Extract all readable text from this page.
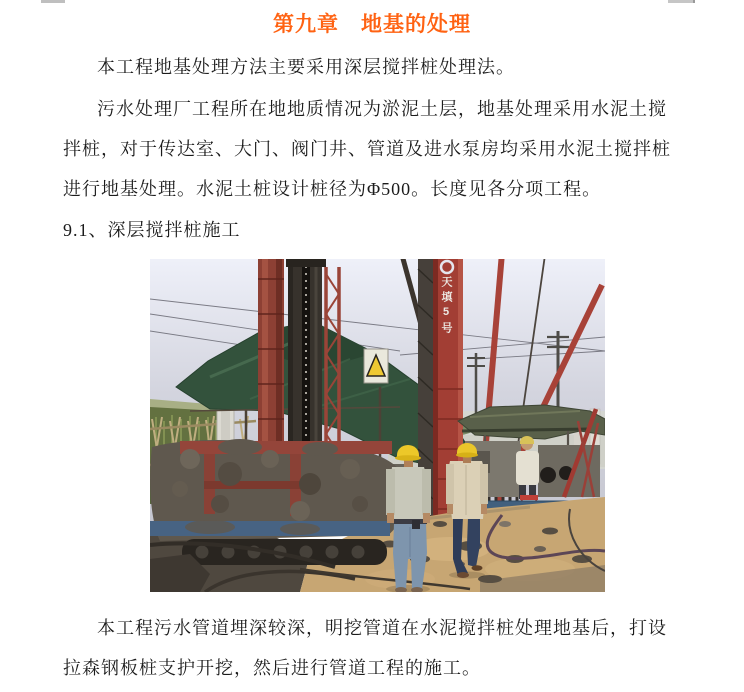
第九章　地基的处理
本工程地基处理方法主要采用深层搅拌桩处理法。
污水处理厂工程所在地地质情况为淤泥土层，地基处理采用水泥土搅
拌桩，对于传达室、大门、阀门井、管道及进水泵房均采用水泥土搅拌桩
进行地基处理。水泥土桩设计桩径为Φ500。长度见各分项工程。
9.1、深层搅拌桩施工
天填5号
本工程污水管道埋深较深，明挖管道在水泥搅拌桩处理地基后，打设
拉森钢板桩支护开挖，然后进行管道工程的施工。
